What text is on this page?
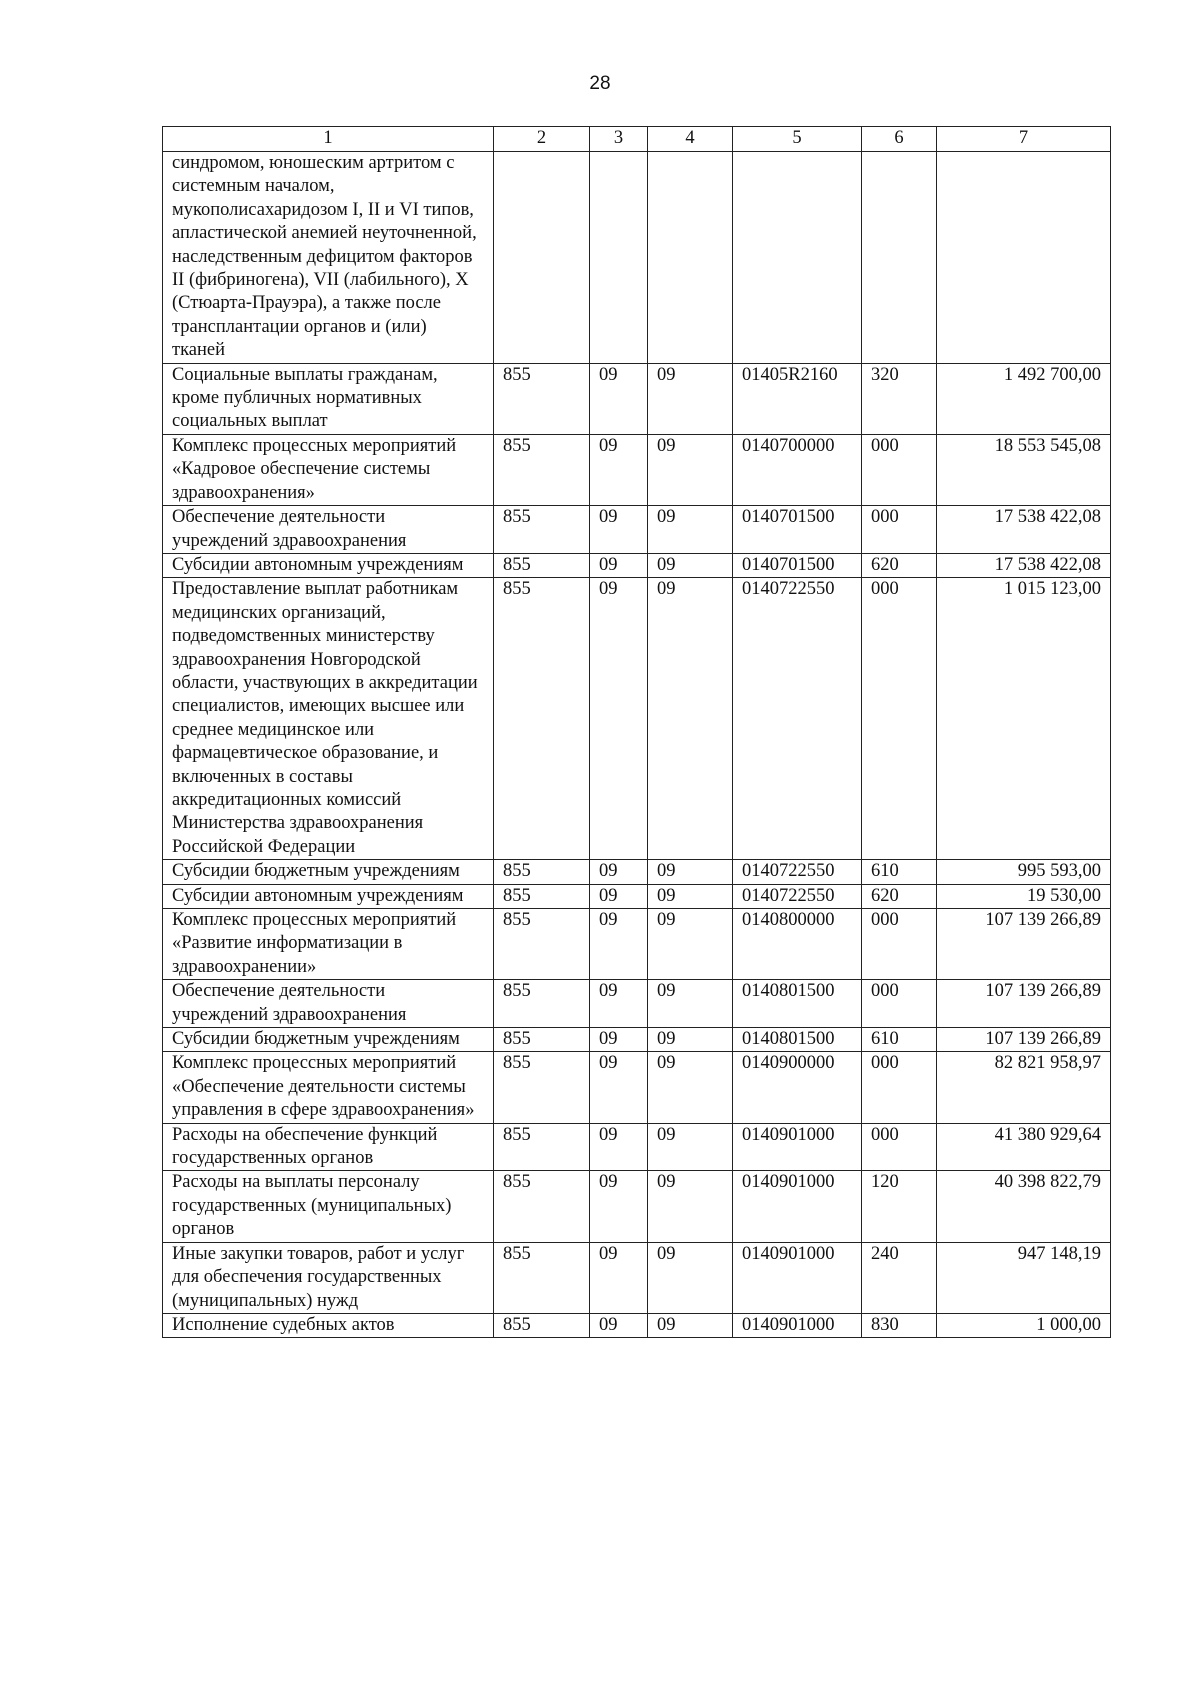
28
1	2	3	4	5	6	7
синдромом, юношеским артритом с системным началом, мукополисахаридозом I, II и VI типов, апластической анемией неуточненной, наследственным дефицитом факторов II (фибриногена), VII (лабильного), X (Стюарта-Прауэра), а также после трансплантации органов и (или) тканей						
Социальные выплаты гражданам, кроме публичных нормативных социальных выплат	855	09	09	01405R2160	320	1 492 700,00
Комплекс процессных мероприятий «Кадровое обеспечение системы здравоохранения»	855	09	09	0140700000	000	18 553 545,08
Обеспечение деятельности учреждений здравоохранения	855	09	09	0140701500	000	17 538 422,08
Субсидии автономным учреждениям	855	09	09	0140701500	620	17 538 422,08
Предоставление выплат работникам медицинских организаций, подведомственных министерству здравоохранения Новгородской области, участвующих в аккредитации специалистов, имеющих высшее или среднее медицинское или фармацевтическое образование, и включенных в составы аккредитационных комиссий Министерства здравоохранения Российской Федерации	855	09	09	0140722550	000	1 015 123,00
Субсидии бюджетным учреждениям	855	09	09	0140722550	610	995 593,00
Субсидии автономным учреждениям	855	09	09	0140722550	620	19 530,00
Комплекс процессных мероприятий «Развитие информатизации в здравоохранении»	855	09	09	0140800000	000	107 139 266,89
Обеспечение деятельности учреждений здравоохранения	855	09	09	0140801500	000	107 139 266,89
Субсидии бюджетным учреждениям	855	09	09	0140801500	610	107 139 266,89
Комплекс процессных мероприятий «Обеспечение деятельности системы управления в сфере здравоохранения»	855	09	09	0140900000	000	82 821 958,97
Расходы на обеспечение функций государственных органов	855	09	09	0140901000	000	41 380 929,64
Расходы на выплаты персоналу государственных (муниципальных) органов	855	09	09	0140901000	120	40 398 822,79
Иные закупки товаров, работ и услуг для обеспечения государственных (муниципальных) нужд	855	09	09	0140901000	240	947 148,19
Исполнение судебных актов	855	09	09	0140901000	830	1 000,00
